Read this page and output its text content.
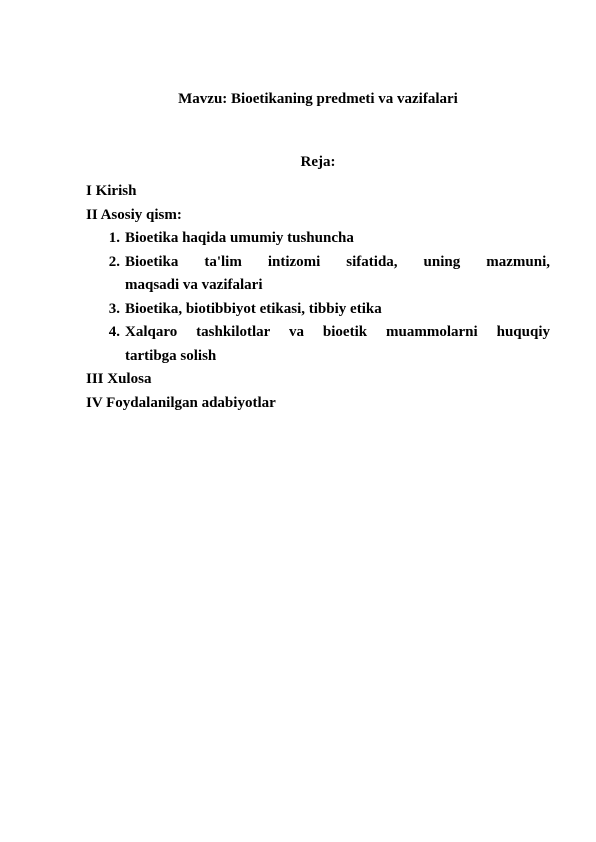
Mavzu: Bioetikaning predmeti va vazifalari
Reja:
I Kirish
II Asosiy qism:
1. Bioetika haqida umumiy tushuncha
2. Bioetika ta'lim intizomi sifatida, uning mazmuni,
maqsadi va vazifalari
3. Bioetika, biotibbiyot etikasi, tibbiy etika
4. Xalqaro tashkilotlar va bioetik muammolarni huquqiy
tartibga solish
III Xulosa
IV Foydalanilgan adabiyotlar
